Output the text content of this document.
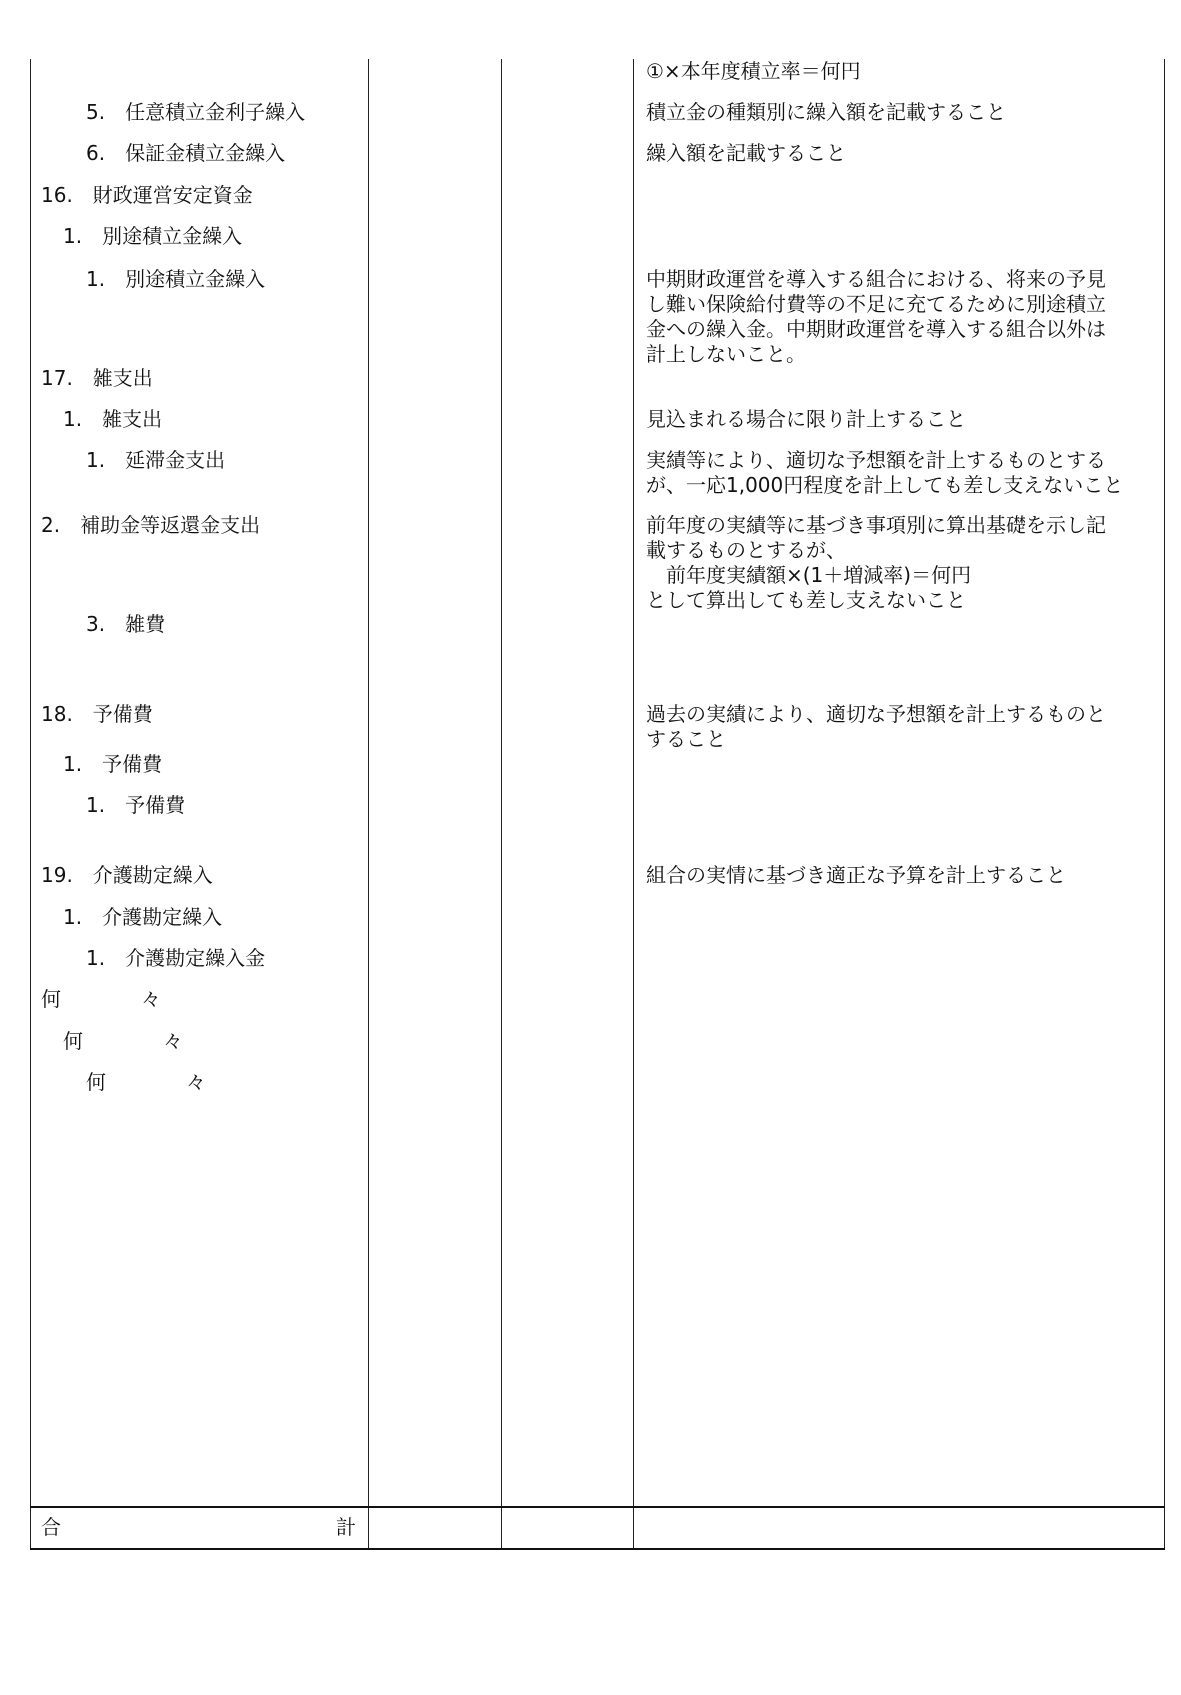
5.　任意積立金利子繰入
6.　保証金積立金繰入
16.　財政運営安定資金
1.　別途積立金繰入
1.　別途積立金繰入
17.　雑支出
1.　雑支出
1.　延滞金支出
2.　補助金等返還金支出
3.　雑費
18.　予備費
1.　予備費
1.　予備費
19.　介護勘定繰入
1.　介護勘定繰入
1.　介護勘定繰入金
何　　　　々
何　　　　々
何　　　　々
①×本年度積立率＝何円
積立金の種類別に繰入額を記載すること
繰入額を記載すること
中期財政運営を導入する組合における、将来の予見
し難い保険給付費等の不足に充てるために別途積立
金への繰入金。中期財政運営を導入する組合以外は
計上しないこと。
見込まれる場合に限り計上すること
実績等により、適切な予想額を計上するものとする
が、一応1,000円程度を計上しても差し支えないこと
前年度の実績等に基づき事項別に算出基礎を示し記
載するものとするが、
　前年度実績額×(1＋増減率)＝何円
として算出しても差し支えないこと
過去の実績により、適切な予想額を計上するものと
すること
組合の実情に基づき適正な予算を計上すること
合	計
